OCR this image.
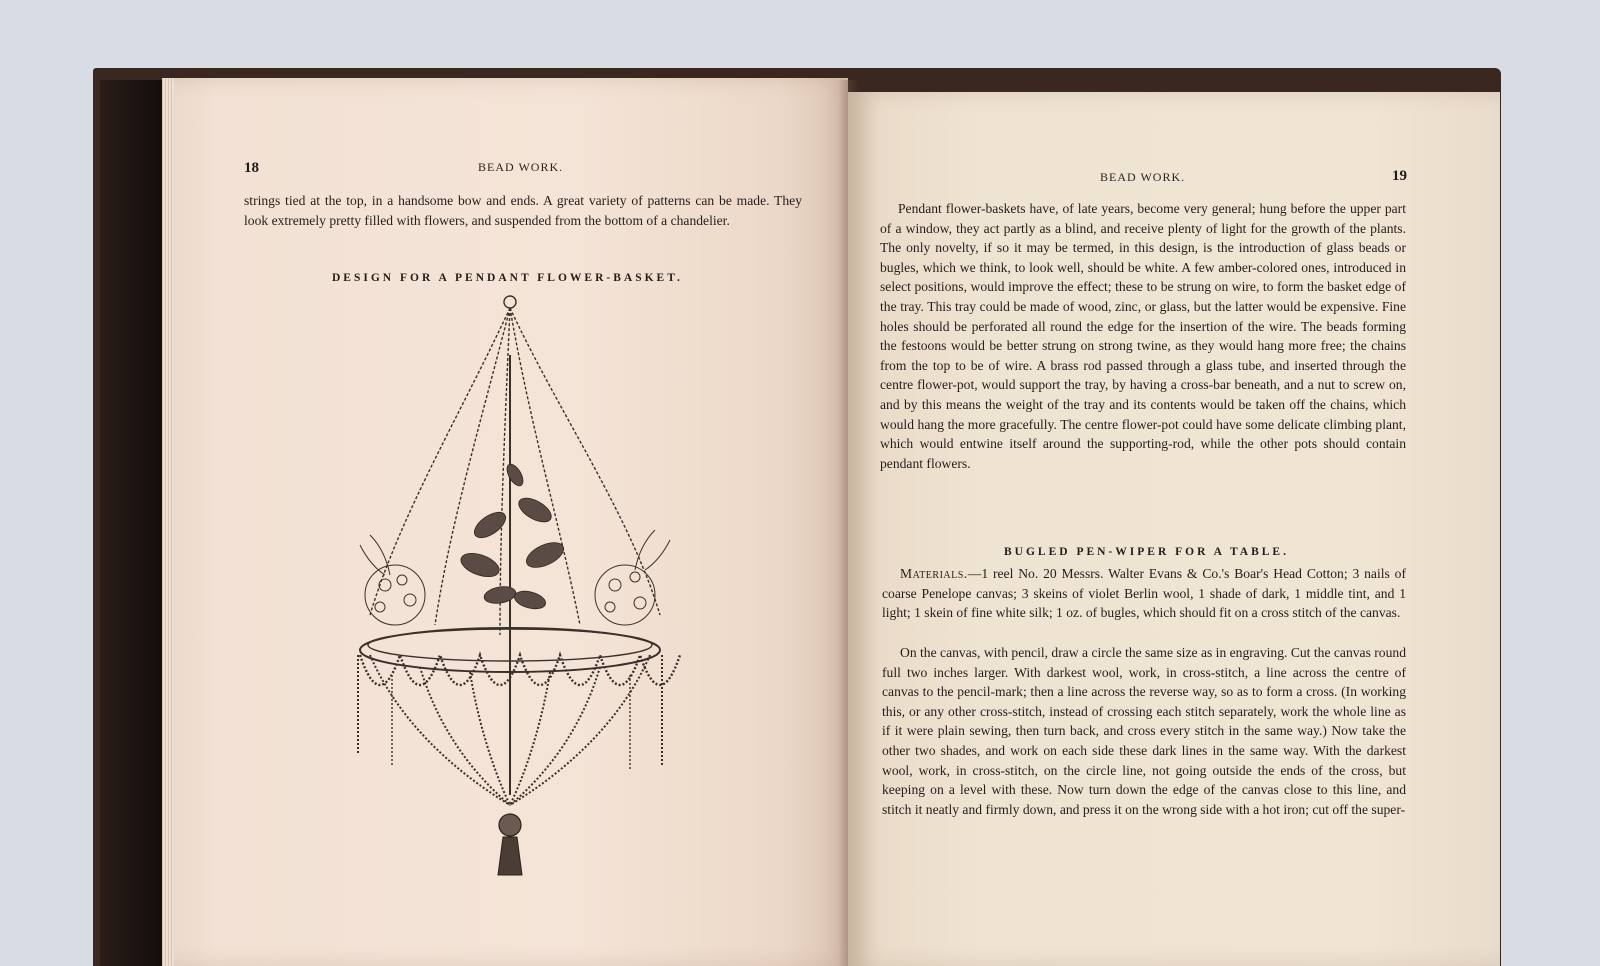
18	BEAD WORK.

strings tied at the top, in a handsome bow and ends. A great variety of patterns can be made. They look extremely pretty filled with flowers, and suspended from the bottom of a chandelier.

DESIGN FOR A PENDANT FLOWER-BASKET.
BEAD WORK.	19

Pendant flower-baskets have, of late years, become very general; hung before the upper part of a window, they act partly as a blind, and receive plenty of light for the growth of the plants. The only novelty, if so it may be termed, in this design, is the introduction of glass beads or bugles, which we think, to look well, should be white. A few amber-colored ones, introduced in select positions, would improve the effect; these to be strung on wire, to form the basket edge of the tray. This tray could be made of wood, zinc, or glass, but the latter would be expensive. Fine holes should be perforated all round the edge for the insertion of the wire. The beads forming the festoons would be better strung on strong twine, as they would hang more free; the chains from the top to be of wire. A brass rod passed through a glass tube, and inserted through the centre flower-pot, would support the tray, by having a cross-bar beneath, and a nut to screw on, and by this means the weight of the tray and its contents would be taken off the chains, which would hang the more gracefully. The centre flower-pot could have some delicate climbing plant, which would entwine itself around the supporting-rod, while the other pots should contain pendant flowers.

BUGLED PEN-WIPER FOR A TABLE.

Materials.—1 reel No. 20 Messrs. Walter Evans & Co.'s Boar's Head Cotton; 3 nails of coarse Penelope canvas; 3 skeins of violet Berlin wool, 1 shade of dark, 1 middle tint, and 1 light; 1 skein of fine white silk; 1 oz. of bugles, which should fit on a cross stitch of the canvas.

On the canvas, with pencil, draw a circle the same size as in engraving. Cut the canvas round full two inches larger. With darkest wool, work, in cross-stitch, a line across the centre of canvas to the pencil-mark; then a line across the reverse way, so as to form a cross. (In working this, or any other cross-stitch, instead of crossing each stitch separately, work the whole line as if it were plain sewing, then turn back, and cross every stitch in the same way.) Now take the other two shades, and work on each side these dark lines in the same way. With the darkest wool, work, in cross-stitch, on the circle line, not going outside the ends of the cross, but keeping on a level with these. Now turn down the edge of the canvas close to this line, and stitch it neatly and firmly down, and press it on the wrong side with a hot iron; cut off the super-
